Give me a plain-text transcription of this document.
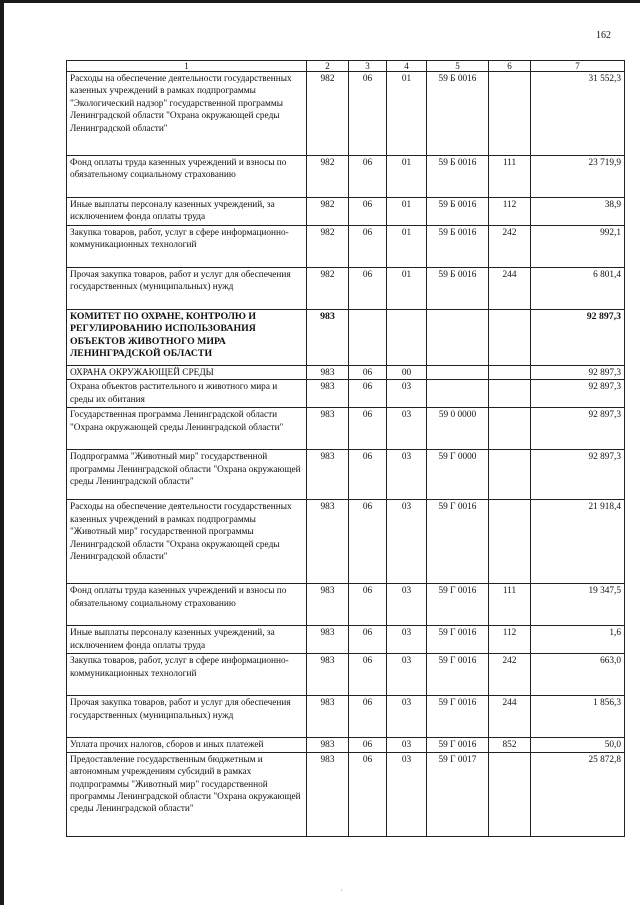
162
1	2	3	4	5	6	7
Расходы на обеспечение деятельности государственных казенных учреждений в рамках подпрограммы "Экологический надзор" государственной программы Ленинградской области "Охрана окружающей среды Ленинградской области"	982	06	01	59 Б 0016		31 552,3
Фонд оплаты труда казенных учреждений и взносы по обязательному социальному страхованию	982	06	01	59 Б 0016	111	23 719,9
Иные выплаты персоналу казенных учреждений, за исключением фонда оплаты труда	982	06	01	59 Б 0016	112	38,9
Закупка товаров, работ, услуг в сфере информационно-коммуникационных технологий	982	06	01	59 Б 0016	242	992,1
Прочая закупка товаров, работ и услуг для обеспечения государственных (муниципальных) нужд	982	06	01	59 Б 0016	244	6 801,4
КОМИТЕТ ПО ОХРАНЕ, КОНТРОЛЮ И РЕГУЛИРОВАНИЮ ИСПОЛЬЗОВАНИЯ ОБЪЕКТОВ ЖИВОТНОГО МИРА ЛЕНИНГРАДСКОЙ ОБЛАСТИ	983					92 897,3
ОХРАНА ОКРУЖАЮЩЕЙ СРЕДЫ	983	06	00			92 897,3
Охрана объектов растительного и животного мира и среды их обитания	983	06	03			92 897,3
Государственная программа Ленинградской области "Охрана окружающей среды Ленинградской области"	983	06	03	59 0 0000		92 897,3
Подпрограмма "Животный мир" государственной программы Ленинградской области "Охрана окружающей среды Ленинградской области"	983	06	03	59 Г 0000		92 897,3
Расходы на обеспечение деятельности государственных казенных учреждений в рамках подпрограммы "Животный мир" государственной программы Ленинградской области "Охрана окружающей среды Ленинградской области"	983	06	03	59 Г 0016		21 918,4
Фонд оплаты труда казенных учреждений и взносы по обязательному социальному страхованию	983	06	03	59 Г 0016	111	19 347,5
Иные выплаты персоналу казенных учреждений, за исключением фонда оплаты труда	983	06	03	59 Г 0016	112	1,6
Закупка товаров, работ, услуг в сфере информационно-коммуникационных технологий	983	06	03	59 Г 0016	242	663,0
Прочая закупка товаров, работ и услуг для обеспечения государственных (муниципальных) нужд	983	06	03	59 Г 0016	244	1 856,3
Уплата прочих налогов, сборов и иных платежей	983	06	03	59 Г 0016	852	50,0
Предоставление государственным бюджетным и автономным учреждениям субсидий в рамках подпрограммы "Животный мир" государственной программы Ленинградской области "Охрана окружающей среды Ленинградской области"	983	06	03	59 Г 0017		25 872,8
·
